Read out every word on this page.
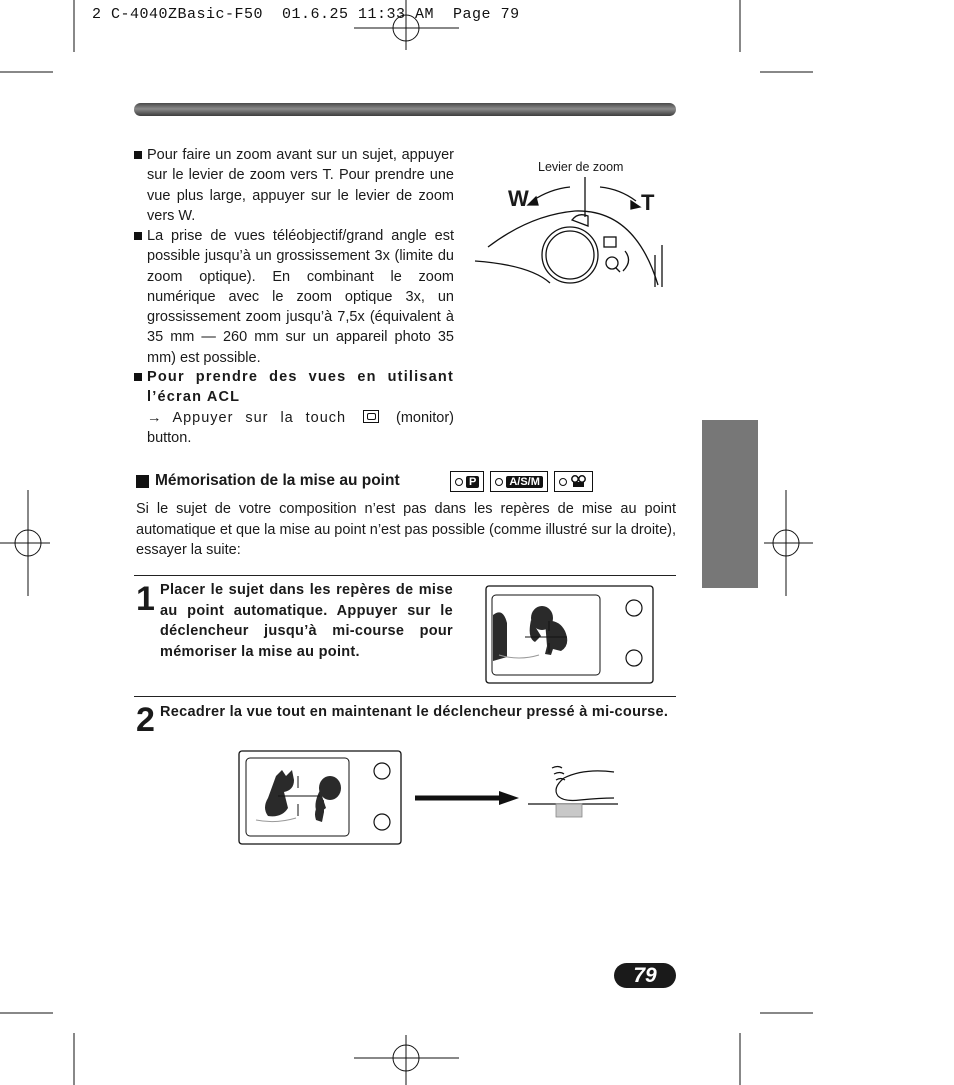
2 C-4040ZBasic-F50  01.6.25 11:33 AM  Page 79
Pour faire un zoom avant sur un sujet, appuyer sur le levier de zoom vers T. Pour prendre une vue plus large, appuyer sur le levier de zoom vers W.
La prise de vues téléobjectif/grand angle est possible jusqu’à un grossissement 3x (limite du zoom optique). En combinant le zoom numérique avec le zoom optique 3x, un grossissement zoom jusqu’à 7,5x (équivalent à 35 mm — 260 mm sur un appareil photo 35 mm) est possible.
Pour prendre des vues en utilisant l’écran ACL
→ Appuyer sur la touch	(monitor) button.
Levier de zoom
W	T
Mémorisation de la mise au point	P	A/S/M
Si le sujet de votre composition n’est pas dans les repères de mise au point automatique et que la mise au point n’est pas possible (comme illustré sur la droite), essayer la suite:
1 Placer le sujet dans les repères de mise au point automatique. Appuyer sur le déclencheur jusqu’à mi-course pour mémoriser la mise au point.
2 Recadrer la vue tout en maintenant le déclencheur pressé à mi-course.
79
